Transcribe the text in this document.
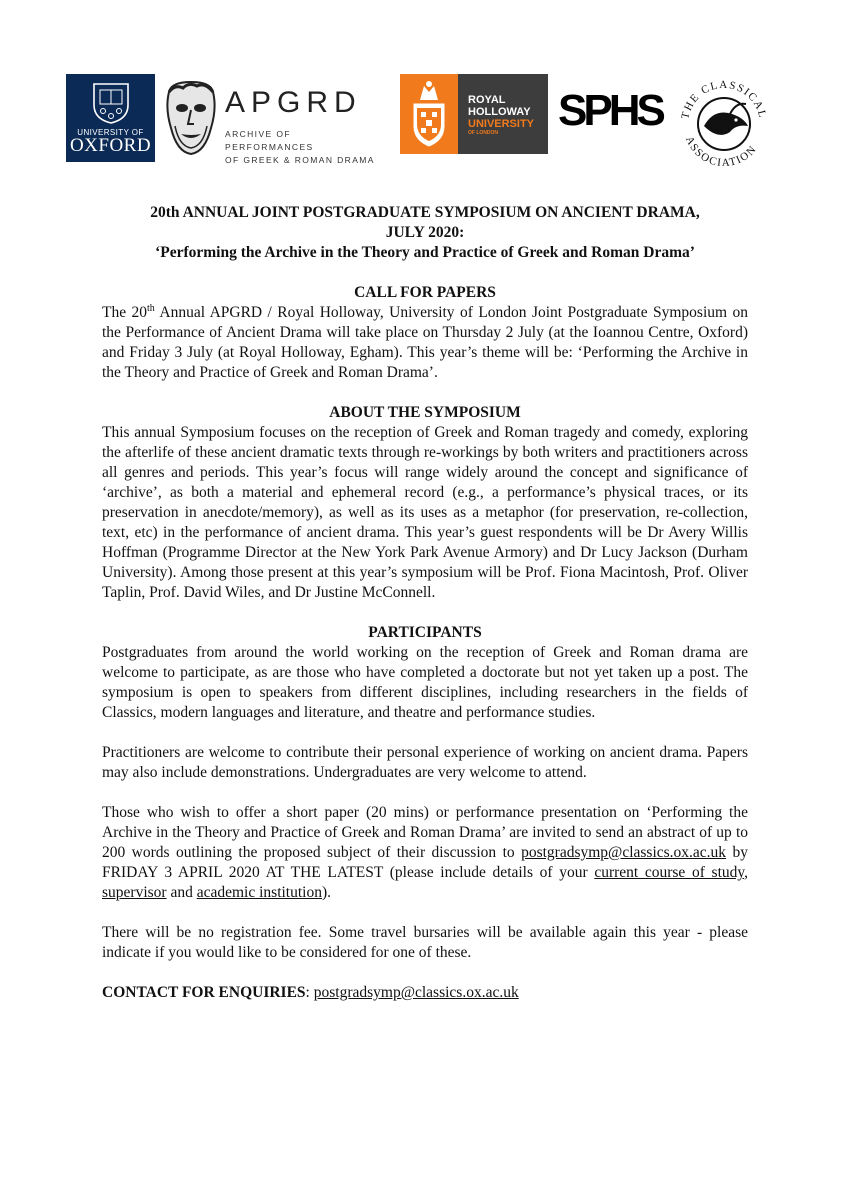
UNIVERSITY OF
OXFORD
APGRD
ARCHIVE OF PERFORMANCES
OF GREEK & ROMAN DRAMA
ROYAL
HOLLOWAY
UNIVERSITY
OF LONDON	SPHS THE CLASSICAL
ASSOCIATION

20th ANNUAL JOINT POSTGRADUATE SYMPOSIUM ON ANCIENT DRAMA,

JULY 2020:

‘Performing the Archive in the Theory and Practice of Greek and Roman Drama’

CALL FOR PAPERS

The 20th Annual APGRD / Royal Holloway, University of London Joint Postgraduate Symposium on the Performance of Ancient Drama will take place on Thursday 2 July (at the Ioannou Centre, Oxford) and Friday 3 July (at Royal Holloway, Egham). This year’s theme will be: ‘Performing the Archive in the Theory and Practice of Greek and Roman Drama’.

ABOUT THE SYMPOSIUM

This annual Symposium focuses on the reception of Greek and Roman tragedy and comedy, exploring the afterlife of these ancient dramatic texts through re-workings by both writers and practitioners across all genres and periods. This year’s focus will range widely around the concept and significance of ‘archive’, as both a material and ephemeral record (e.g., a performance’s physical traces, or its preservation in anecdote/memory), as well as its uses as a metaphor (for preservation, re-collection, text, etc) in the performance of ancient drama. This year’s guest respondents will be Dr Avery Willis Hoffman (Programme Director at the New York Park Avenue Armory) and Dr Lucy Jackson (Durham University). Among those present at this year’s symposium will be Prof. Fiona Macintosh, Prof. Oliver Taplin, Prof. David Wiles, and Dr Justine McConnell.

PARTICIPANTS

Postgraduates from around the world working on the reception of Greek and Roman drama are welcome to participate, as are those who have completed a doctorate but not yet taken up a post. The symposium is open to speakers from different disciplines, including researchers in the fields of Classics, modern languages and literature, and theatre and performance studies.

Practitioners are welcome to contribute their personal experience of working on ancient drama. Papers may also include demonstrations. Undergraduates are very welcome to attend.

Those who wish to offer a short paper (20 mins) or performance presentation on ‘Performing the Archive in the Theory and Practice of Greek and Roman Drama’ are invited to send an abstract of up to 200 words outlining the proposed subject of their discussion to postgradsymp@classics.ox.ac.uk by FRIDAY 3 APRIL 2020 AT THE LATEST (please include details of your current course of study, supervisor and academic institution).

There will be no registration fee. Some travel bursaries will be available again this year - please indicate if you would like to be considered for one of these.

CONTACT FOR ENQUIRIES: postgradsymp@classics.ox.ac.uk
